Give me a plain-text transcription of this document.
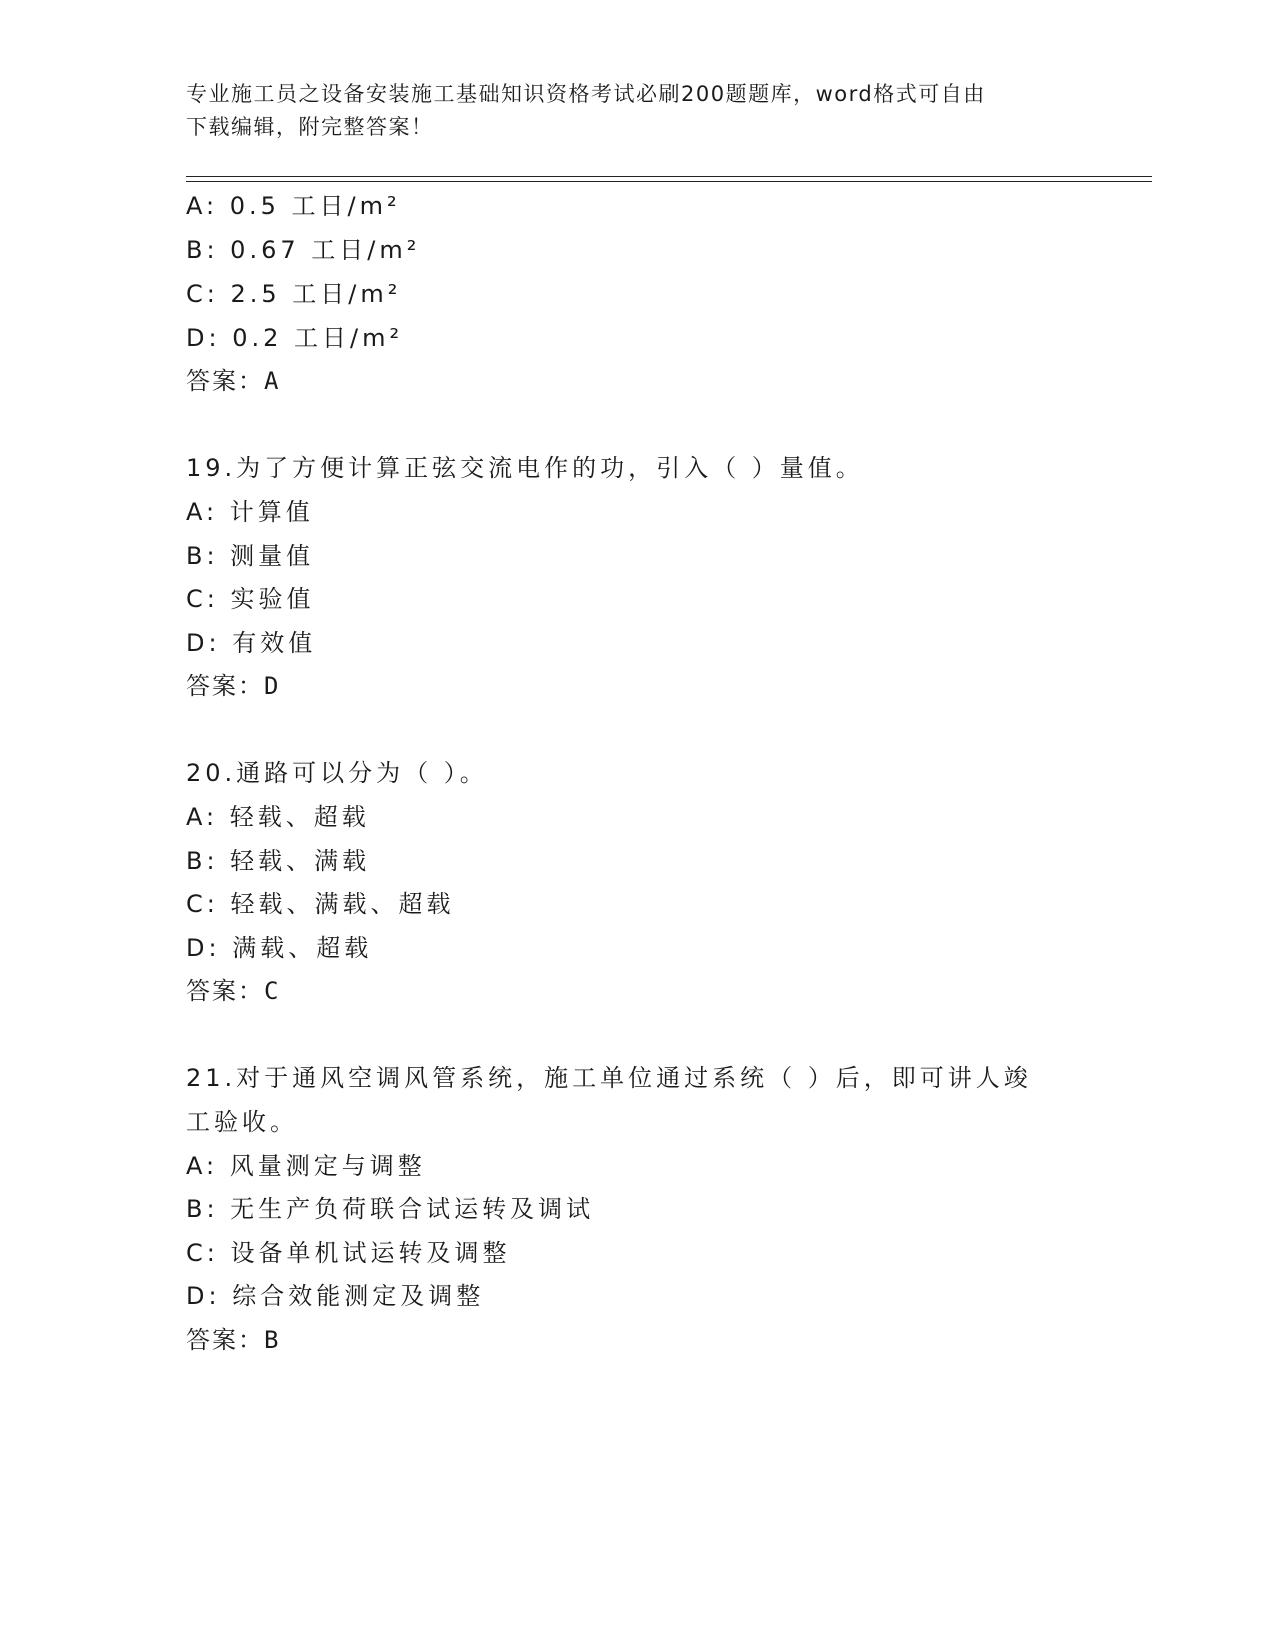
专业施工员之设备安装施工基础知识资格考试必刷200题题库，word格式可自由
下载编辑，附完整答案！
A: 0.5 工日/m²
B: 0.67 工日/m²
C: 2.5 工日/m²
D: 0.2 工日/m²
答案：A
19.为了方便计算正弦交流电作的功，引入（ ）量值。
A: 计算值
B: 测量值
C: 实验值
D: 有效值
答案：D
20.通路可以分为（ ）。
A: 轻载、超载
B: 轻载、满载
C: 轻载、满载、超载
D: 满载、超载
答案：C
21.对于通风空调风管系统，施工单位通过系统（ ）后，即可讲人竣
工验收。
A: 风量测定与调整
B: 无生产负荷联合试运转及调试
C: 设备单机试运转及调整
D: 综合效能测定及调整
答案：B
